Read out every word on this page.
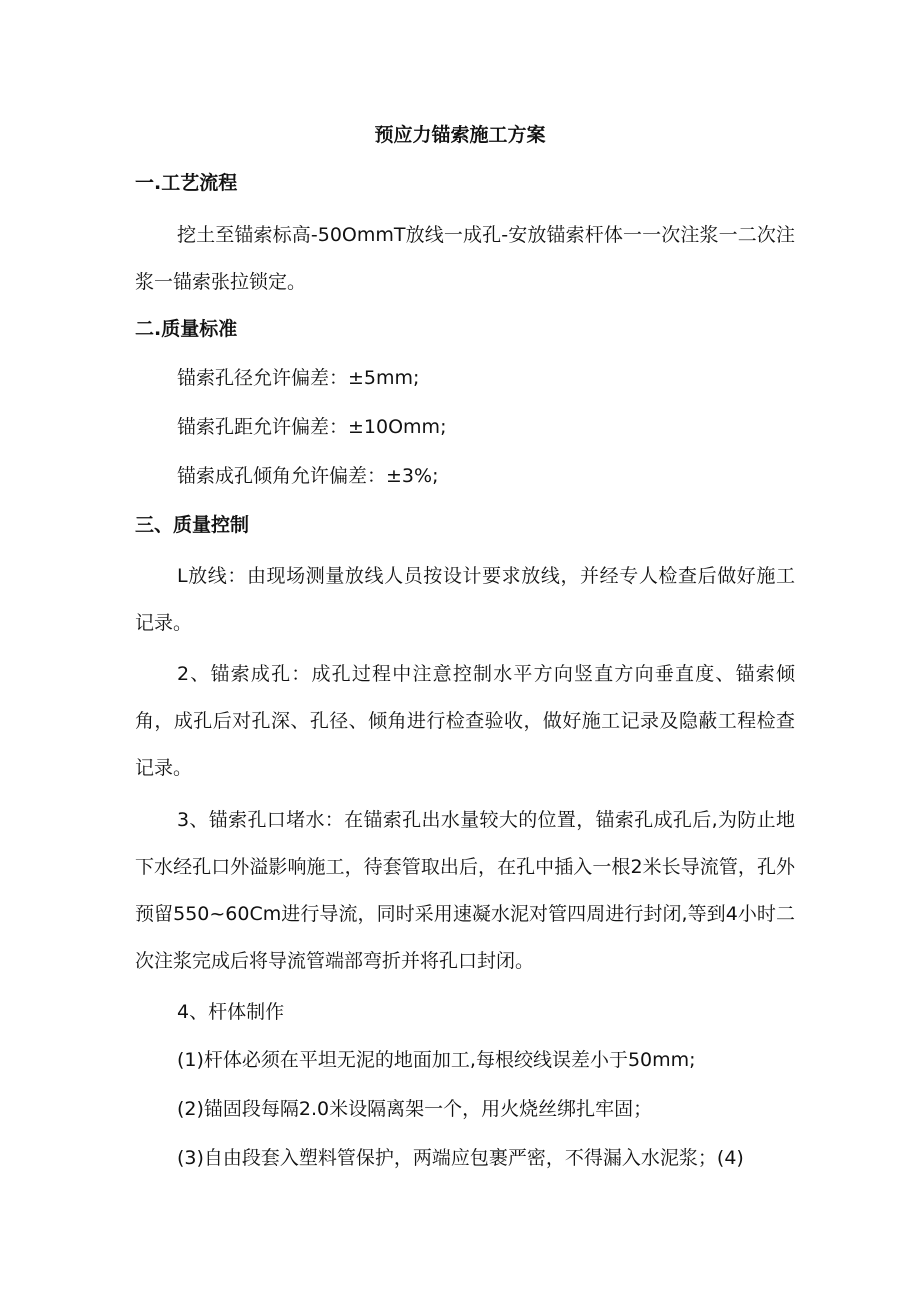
预应力锚索施工方案
一.工艺流程

挖土至锚索标高-50OmmT放线一成孔-安放锚索杆体一一次注浆一二次注浆一锚索张拉锁定。

二.质量标准
锚索孔径允许偏差：±5mm;
锚索孔距允许偏差：±10Omm;
锚索成孔倾角允许偏差：±3%;
三、质量控制

L放线：由现场测量放线人员按设计要求放线，并经专人检查后做好施工记录。

2、锚索成孔：成孔过程中注意控制水平方向竖直方向垂直度、锚索倾角，成孔后对孔深、孔径、倾角进行检查验收，做好施工记录及隐蔽工程检查记录。

3、锚索孔口堵水：在锚索孔出水量较大的位置，锚索孔成孔后,为防止地下水经孔口外溢影响施工，待套管取出后，在孔中插入一根2米长导流管，孔外预留550~60Cm进行导流，同时采用速凝水泥对管四周进行封闭,等到4小时二次注浆完成后将导流管端部弯折并将孔口封闭。

4、杆体制作
(1)杆体必须在平坦无泥的地面加工,每根绞线误差小于50mm;
(2)锚固段每隔2.0米设隔离架一个，用火烧丝绑扎牢固；
(3)自由段套入塑料管保护，两端应包裹严密，不得漏入水泥浆；(4)
